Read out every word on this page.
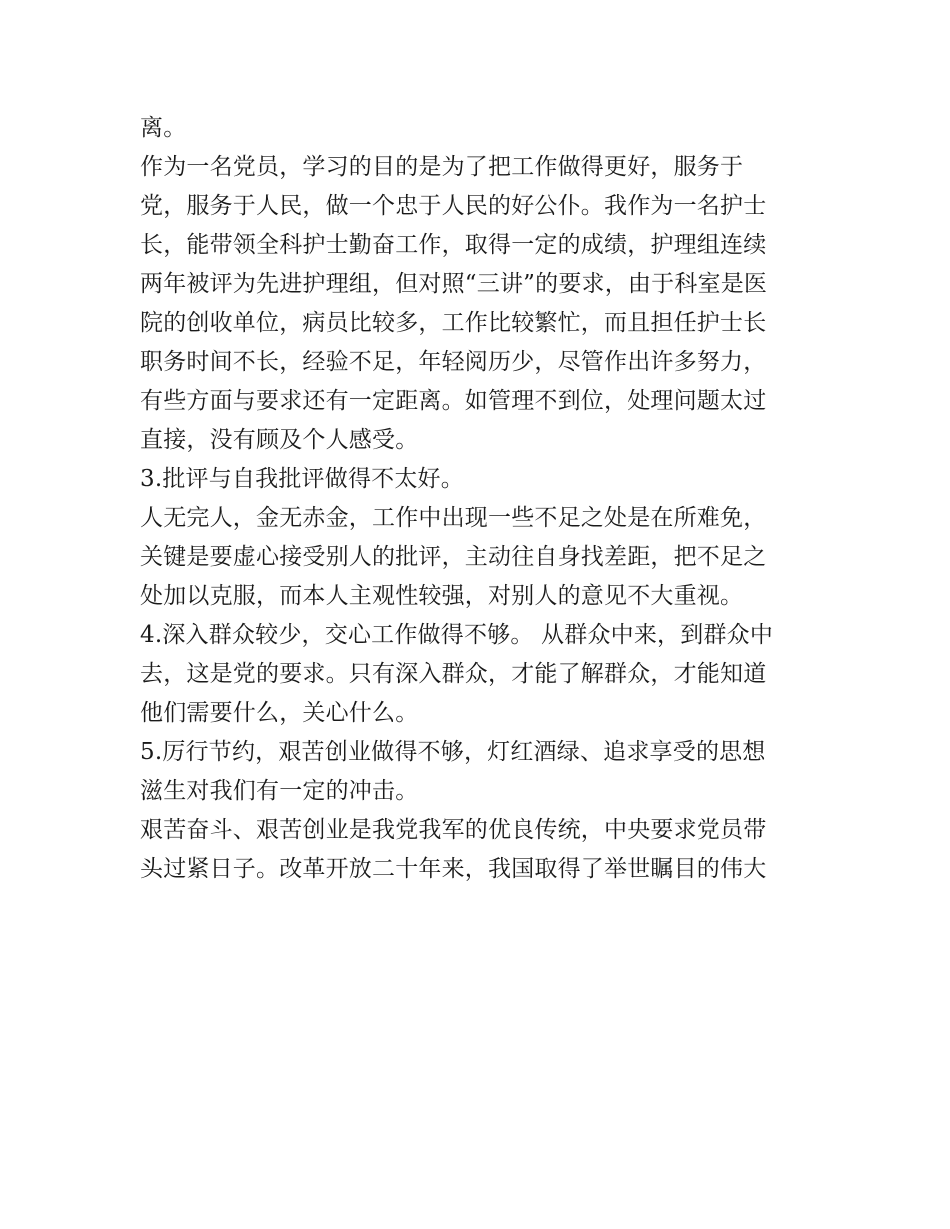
离。
作为一名党员，学习的目的是为了把工作做得更好，服务于
党，服务于人民，做一个忠于人民的好公仆。我作为一名护士
长，能带领全科护士勤奋工作，取得一定的成绩，护理组连续
两年被评为先进护理组，但对照“三讲”的要求，由于科室是医
院的创收单位，病员比较多，工作比较繁忙，而且担任护士长
职务时间不长，经验不足，年轻阅历少，尽管作出许多努力，
有些方面与要求还有一定距离。如管理不到位，处理问题太过
直接，没有顾及个人感受。
3.批评与自我批评做得不太好。
人无完人，金无赤金，工作中出现一些不足之处是在所难免，
关键是要虚心接受别人的批评，主动往自身找差距，把不足之
处加以克服，而本人主观性较强，对别人的意见不大重视。
4.深入群众较少，交心工作做得不够。 从群众中来，到群众中
去，这是党的要求。只有深入群众，才能了解群众，才能知道
他们需要什么，关心什么。
5.厉行节约，艰苦创业做得不够，灯红酒绿、追求享受的思想
滋生对我们有一定的冲击。
艰苦奋斗、艰苦创业是我党我军的优良传统，中央要求党员带
头过紧日子。改革开放二十年来，我国取得了举世瞩目的伟大
